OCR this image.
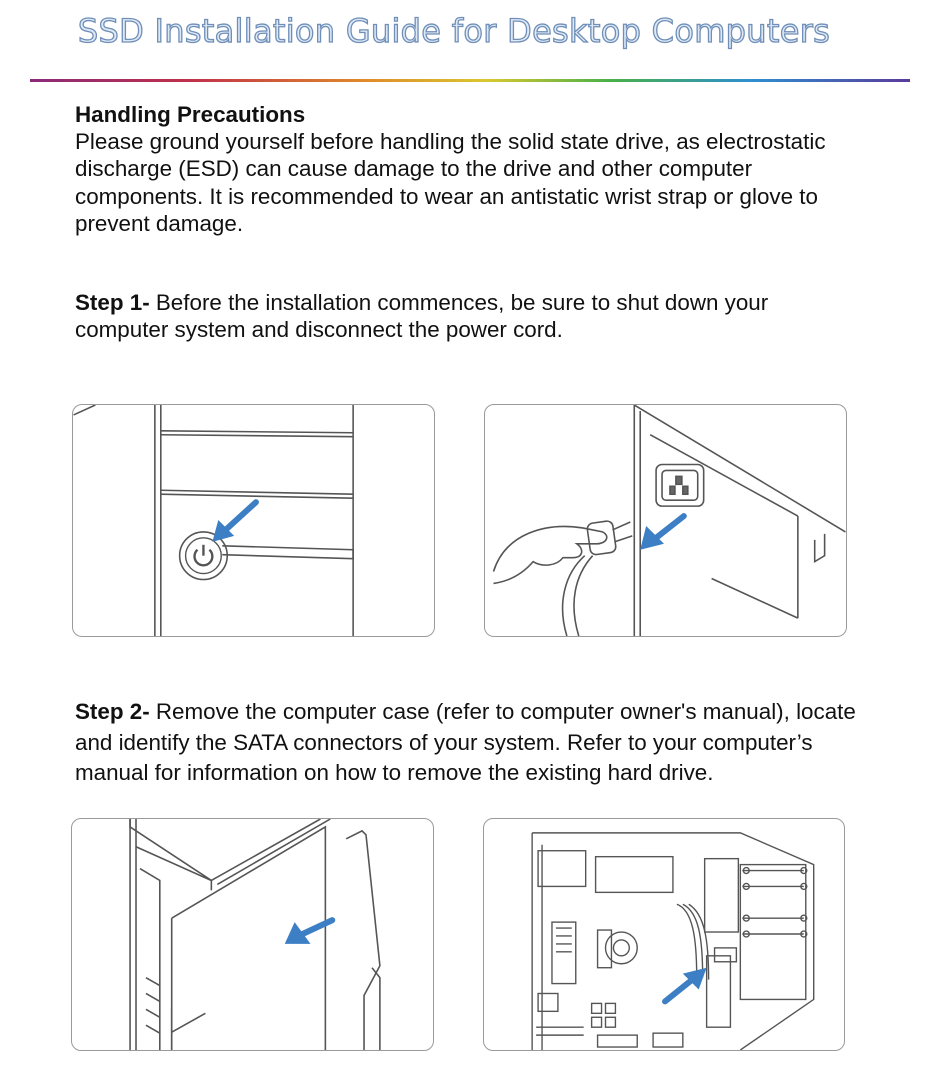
SSD Installation Guide for Desktop Computers
Handling Precautions

Please ground yourself before handling the solid state drive, as electrostatic discharge (ESD) can cause damage to the drive and other computer components. It is recommended to wear an antistatic wrist strap or glove to prevent damage.

Step 1- Before the installation commences, be sure to shut down your computer system and disconnect the power cord.

Step 2- Remove the computer case (refer to computer owner's manual), locate and identify the SATA connectors of your system. Refer to your computer’s manual for information on how to remove the existing hard drive.
